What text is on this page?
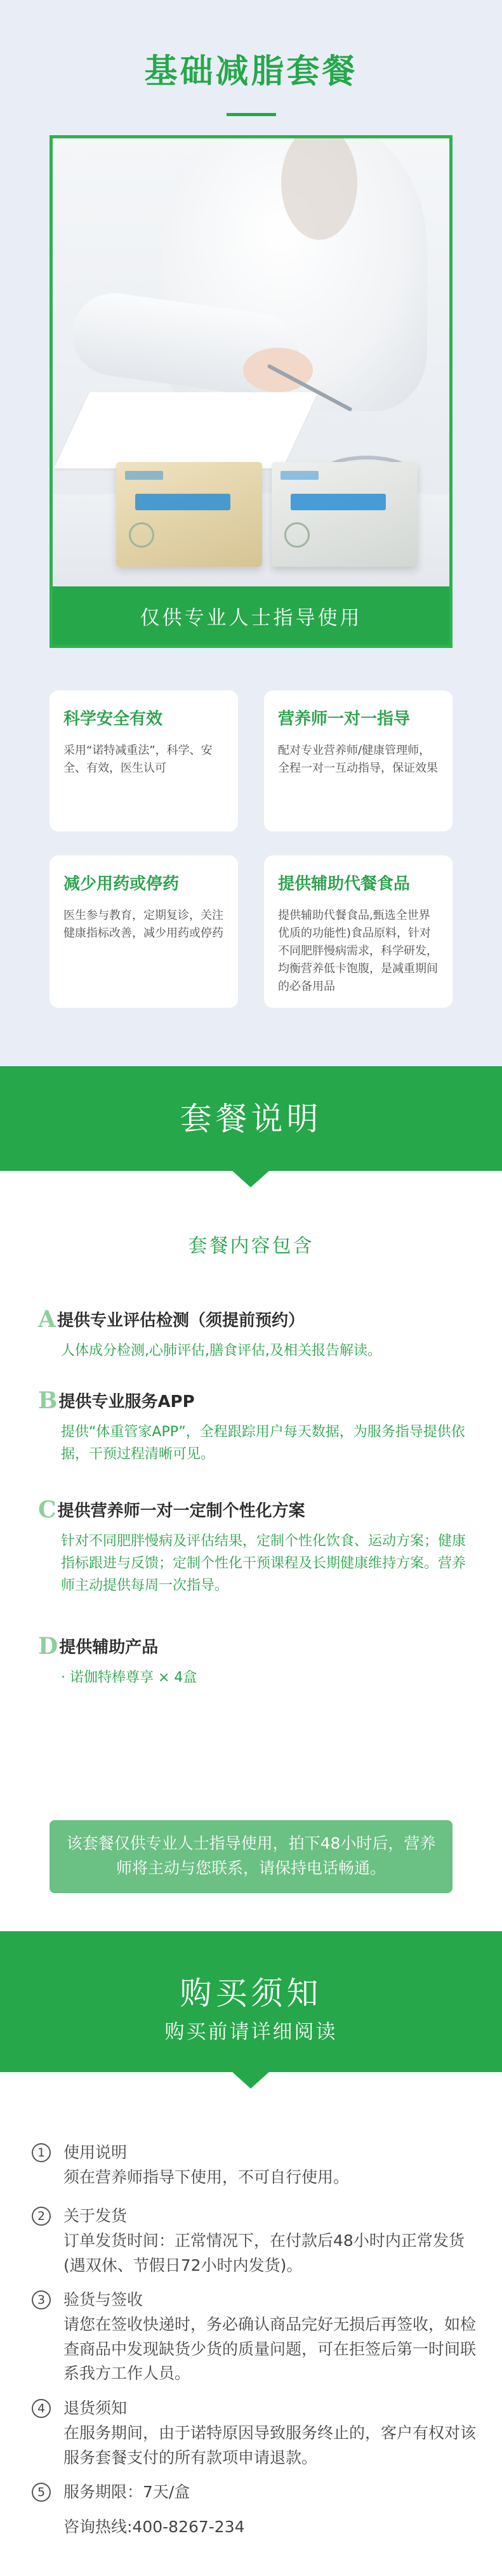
基础减脂套餐
仅供专业人士指导使用
科学安全有效

采用“诺特减重法”，科学、安全、有效，医生认可

营养师一对一指导

配对专业营养师/健康管理师，全程一对一互动指导，保证效果

减少用药或停药

医生参与教育，定期复诊，关注健康指标改善，减少用药或停药

提供辅助代餐食品

提供辅助代餐食品,甄选全世界优质的功能性)食品原料，针对不同肥胖慢病需求，科学研发，均衡营养低卡饱腹，是减重期间的必备用品

套餐说明
套餐内容包含
A 提供专业评估检测（须提前预约）
人体成分检测,心肺评估,膳食评估,及相关报告解读。
B 提供专业服务APP
提供“体重管家APP”，全程跟踪用户每天数据，为服务指导提供依据，干预过程清晰可见。
C 提供营养师一对一定制个性化方案
针对不同肥胖慢病及评估结果，定制个性化饮食、运动方案；健康指标跟进与反馈；定制个性化干预课程及长期健康维持方案。营养师主动提供每周一次指导。
D 提供辅助产品
· 诺伽特棒尊享 × 4盒
该套餐仅供专业人士指导使用，拍下48小时后，营养师将主动与您联系，请保持电话畅通。
购买须知
购买前请详细阅读
1	使用说明
须在营养师指导下使用，不可自行使用。
2	关于发货
订单发货时间：正常情况下，在付款后48小时内正常发货(遇双休、节假日72小时内发货)。
3	验货与签收
请您在签收快递时，务必确认商品完好无损后再签收，如检查商品中发现缺货少货的质量问题，可在拒签后第一时间联系我方工作人员。
4	退货须知
在服务期间，由于诺特原因导致服务终止的，客户有权对该服务套餐支付的所有款项申请退款。
5	服务期限：7天/盒
咨询热线:400-8267-234
